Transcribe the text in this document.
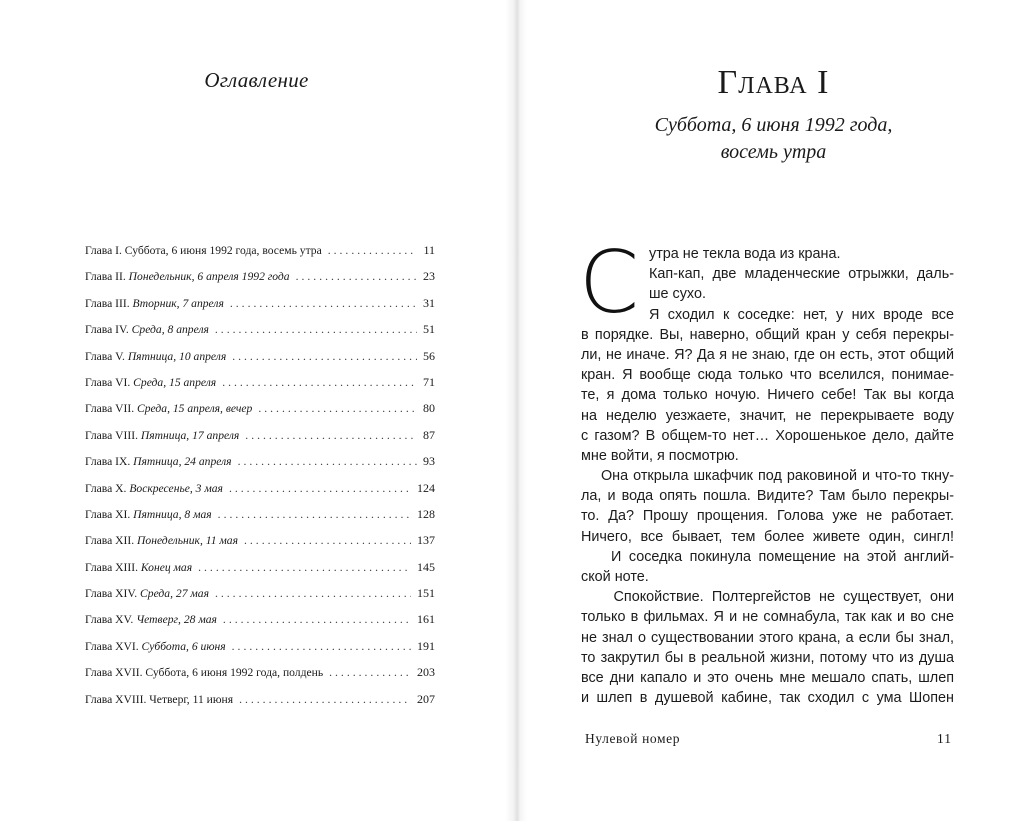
Оглавление
Глава I. Суббота, 6 июня 1992 года, восемь утра .....	11
Глава II. Понедельник, 6 апреля 1992 года .....	23
Глава III. Вторник, 7 апреля .....	31
Глава IV. Среда, 8 апреля .....	51
Глава V. Пятница, 10 апреля .....	56
Глава VI. Среда, 15 апреля .....	71
Глава VII. Среда, 15 апреля, вечер .....	80
Глава VIII. Пятница, 17 апреля .....	87
Глава IX. Пятница, 24 апреля .....	93
Глава X. Воскресенье, 3 мая .....	124
Глава XI. Пятница, 8 мая .....	128
Глава XII. Понедельник, 11 мая .....	137
Глава XIII. Конец мая .....	145
Глава XIV. Среда, 27 мая .....	151
Глава XV. Четверг, 28 мая .....	161
Глава XVI. Суббота, 6 июня .....	191
Глава XVII. Суббота, 6 июня 1992 года, полдень .....	203
Глава XVIII. Четверг, 11 июня .....	207
Глава I
Суббота, 6 июня 1992 года,
восемь утра
С утра не текла вода из крана.
Кап-кап, две младенческие отрыжки, даль-
ше сухо.
Я сходил к соседке: нет, у них вроде все
в порядке. Вы, наверно, общий кран у себя перекры-
ли, не иначе. Я? Да я не знаю, где он есть, этот общий
кран. Я вообще сюда только что вселился, понимае-
те, я дома только ночую. Ничего себе! Так вы когда
на неделю уезжаете, значит, не перекрываете воду
с газом? В общем-то нет… Хорошенькое дело, дайте
мне войти, я посмотрю.
Она открыла шкафчик под раковиной и что-то ткну-
ла, и вода опять пошла. Видите? Там было перекры-
то. Да? Прошу прощения. Голова уже не работает.
Ничего, все бывает, тем более живете один, сингл!
И соседка покинула помещение на этой англий-
ской ноте.
Спокойствие. Полтергейстов не существует, они
только в фильмах. Я и не сомнабула, так как и во сне
не знал о существовании этого крана, а если бы знал,
то закрутил бы в реальной жизни, потому что из душа
все дни капало и это очень мне мешало спать, шлеп
и шлеп в душевой кабине, так сходил с ума Шопен
Нулевой номер	11
